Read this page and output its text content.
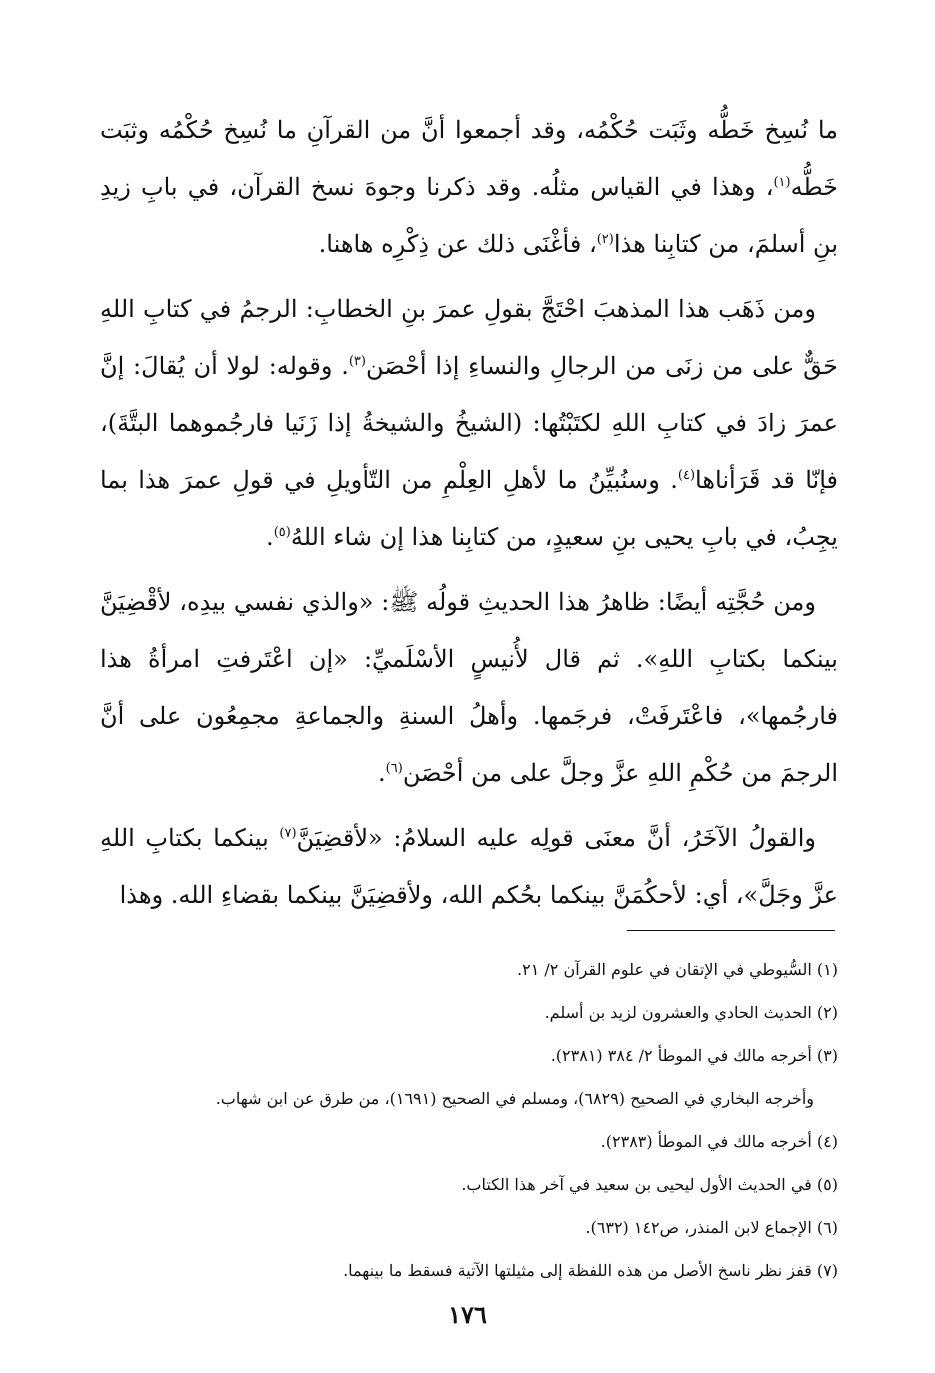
ما نُسِخ خَطُّه وثَبَت حُكْمُه، وقد أجمعوا أنَّ من القرآنِ ما نُسِخ حُكْمُه وثبَت خَطُّه$^{(١)}$، وهذا في القياس مثلُه. وقد ذكرنا وجوهَ نسخ القرآن، في بابِ زيدِ بنِ أسلمَ، من كتابِنا هذا$^{(٢)}$، فأغْنَى ذلك عن ذِكْرِه هاهنا.

ومن ذَهَب هذا المذهبَ احْتَجَّ بقولِ عمرَ بنِ الخطابِ: الرجمُ في كتابِ اللهِ حَقٌّ على من زنَى من الرجالِ والنساءِ إذا أحْصَن$^{(٣)}$. وقوله: لولا أن يُقالَ: إنَّ عمرَ زادَ في كتابِ اللهِ لكتَبْتُها: (الشيخُ والشيخةُ إذا زَنَيا فارجُموهما البتَّةَ)، فإنّا قد قَرَأناها$^{(٤)}$. وسنُبيِّنُ ما لأهلِ العِلْمِ من التّأويلِ في قولِ عمرَ هذا بما يجِبُ، في بابِ يحيى بنِ سعيدٍ، من كتابِنا هذا إن شاء اللهُ$^{(٥)}$.

ومن حُجَّتِه أيضًا: ظاهرُ هذا الحديثِ قولُه ﷺ: «والذي نفسي بيدِه، لأقْضِيَنَّ بينكما بكتابِ اللهِ». ثم قال لأُنيسٍ الأسْلَميِّ: «إن اعْتَرفتِ امرأةُ هذا فارجُمها»، فاعْتَرفَتْ، فرجَمها. وأهلُ السنةِ والجماعةِ مجمِعُون على أنَّ الرجمَ من حُكْمِ اللهِ عزَّ وجلَّ على من أحْصَن$^{(٦)}$.

والقولُ الآخَرُ، أنَّ معنَى قولِه عليه السلامُ: «لأقضِيَنَّ$^{(٧)}$ بينكما بكتابِ اللهِ عزَّ وجَلَّ»، أي: لأحكُمَنَّ بينكما بحُكم الله، ولأقضِيَنَّ بينكما بقضاءِ الله. وهذا

(١) السُّيوطي في الإتقان في علوم القرآن ٢/ ٢١.
(٢) الحديث الحادي والعشرون لزيد بن أسلم.
(٣) أخرجه مالك في الموطأ ٢/ ٣٨٤ (٢٣٨١).
وأخرجه البخاري في الصحيح (٦٨٢٩)، ومسلم في الصحيح (١٦٩١)، من طرق عن ابن شهاب.
(٤) أخرجه مالك في الموطأ (٢٣٨٣).
(٥) في الحديث الأول ليحيى بن سعيد في آخر هذا الكتاب.
(٦) الإجماع لابن المنذر، ص١٤٢ (٦٣٢).
(٧) قفز نظر ناسخ الأصل من هذه اللفظة إلى مثيلتها الآتية فسقط ما بينهما.
١٧٦
